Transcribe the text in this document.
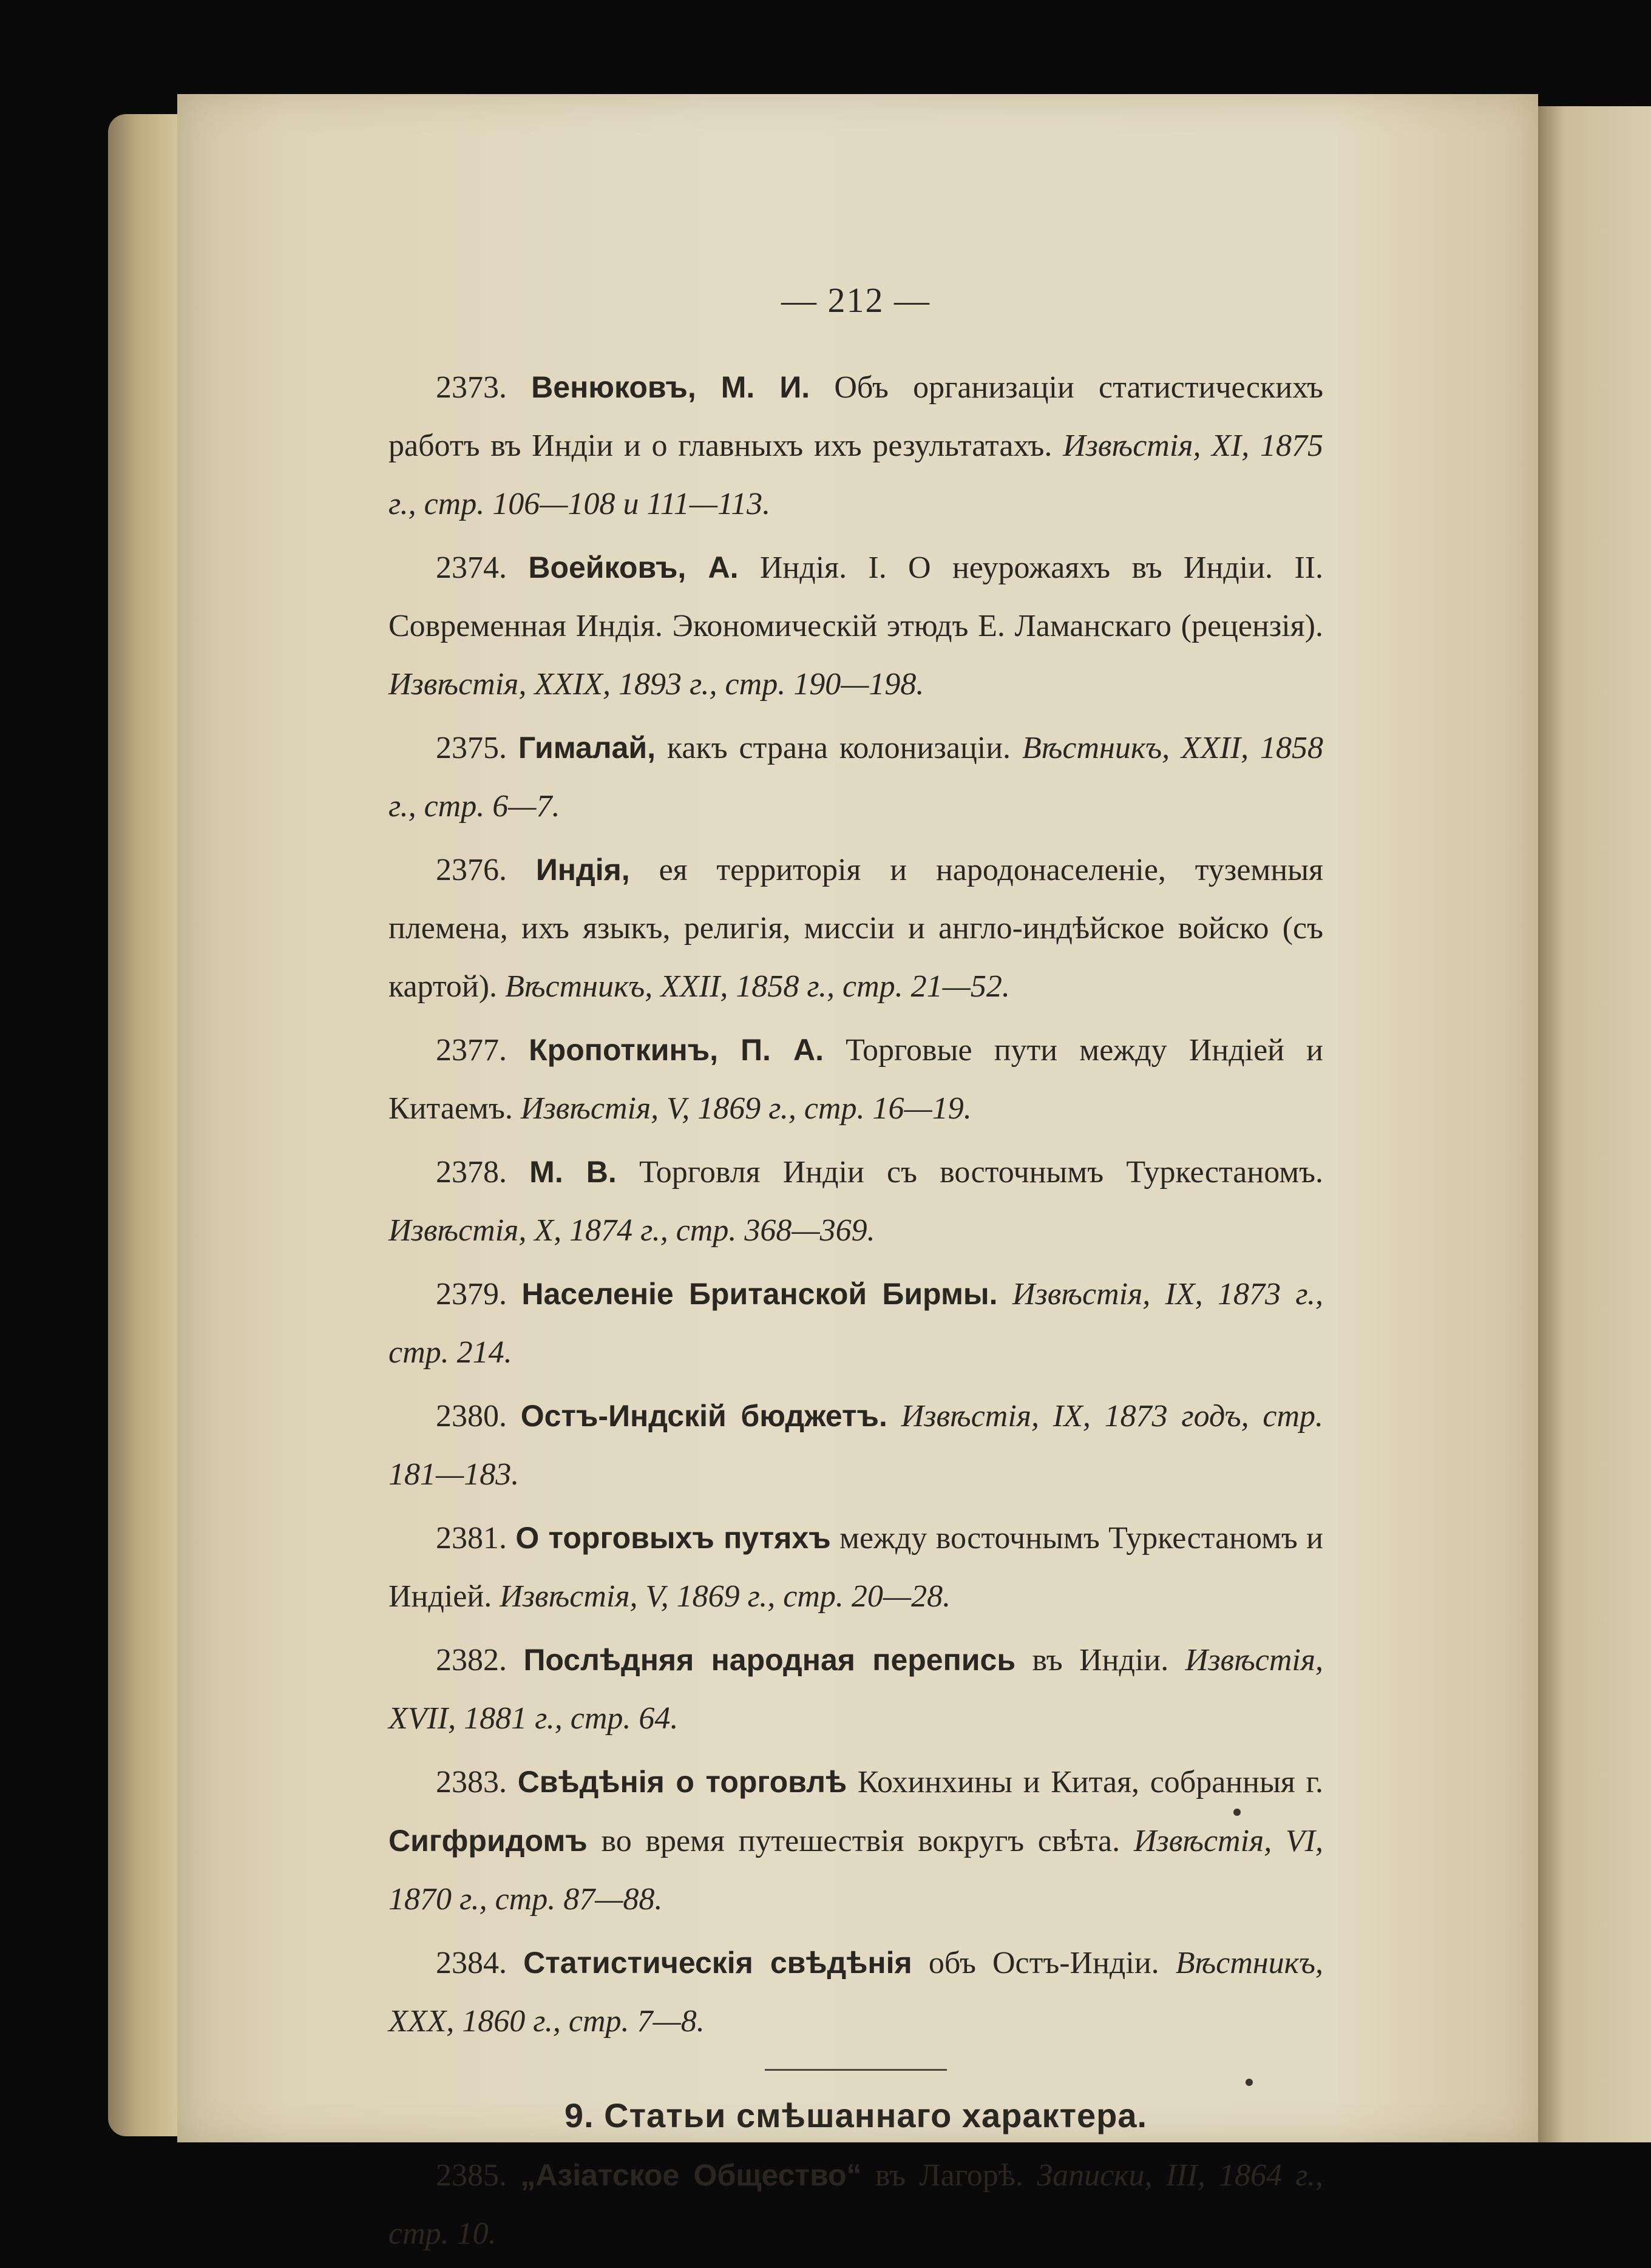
— 212 —

2373. Венюковъ, М. И. Объ организаціи статистическихъ работъ въ Индіи и о главныхъ ихъ результатахъ. Извѣстія, XI, 1875 г., стр. 106—108 и 111—113.

2374. Воейковъ, А. Индія. I. О неурожаяхъ въ Индіи. II. Современная Индія. Экономическій этюдъ Е. Ламанскаго (рецензія). Извѣстія, XXIX, 1893 г., стр. 190—198.

2375. Гималай, какъ страна колонизаціи. Вѣстникъ, XXII, 1858 г., стр. 6—7.

2376. Индія, ея территорія и народонаселеніе, туземныя племена, ихъ языкъ, религія, миссіи и англо-индѣйское войско (съ картой). Вѣстникъ, XXII, 1858 г., стр. 21—52.

2377. Кропоткинъ, П. А. Торговые пути между Индіей и Китаемъ. Извѣстія, V, 1869 г., стр. 16—19.

2378. М. В. Торговля Индіи съ восточнымъ Туркестаномъ. Извѣстія, X, 1874 г., стр. 368—369.

2379. Населеніе Британской Бирмы. Извѣстія, IX, 1873 г., стр. 214.

2380. Остъ-Индскій бюджетъ. Извѣстія, IX, 1873 годъ, стр. 181—183.

2381. О торговыхъ путяхъ между восточнымъ Туркестаномъ и Индіей. Извѣстія, V, 1869 г., стр. 20—28.

2382. Послѣдняя народная перепись въ Индіи. Извѣстія, XVII, 1881 г., стр. 64.

2383. Свѣдѣнія о торговлѣ Кохинхины и Китая, собранныя г. Сигфридомъ во время путешествія вокругъ свѣта. Извѣстія, VI, 1870 г., стр. 87—88.

2384. Статистическія свѣдѣнія объ Остъ-Индіи. Вѣстникъ, XXX, 1860 г., стр. 7—8.

9. Статьи смѣшаннаго характера.

2385. „Азіатское Общество“ въ Лагорѣ. Записки, III, 1864 г., стр. 10.
